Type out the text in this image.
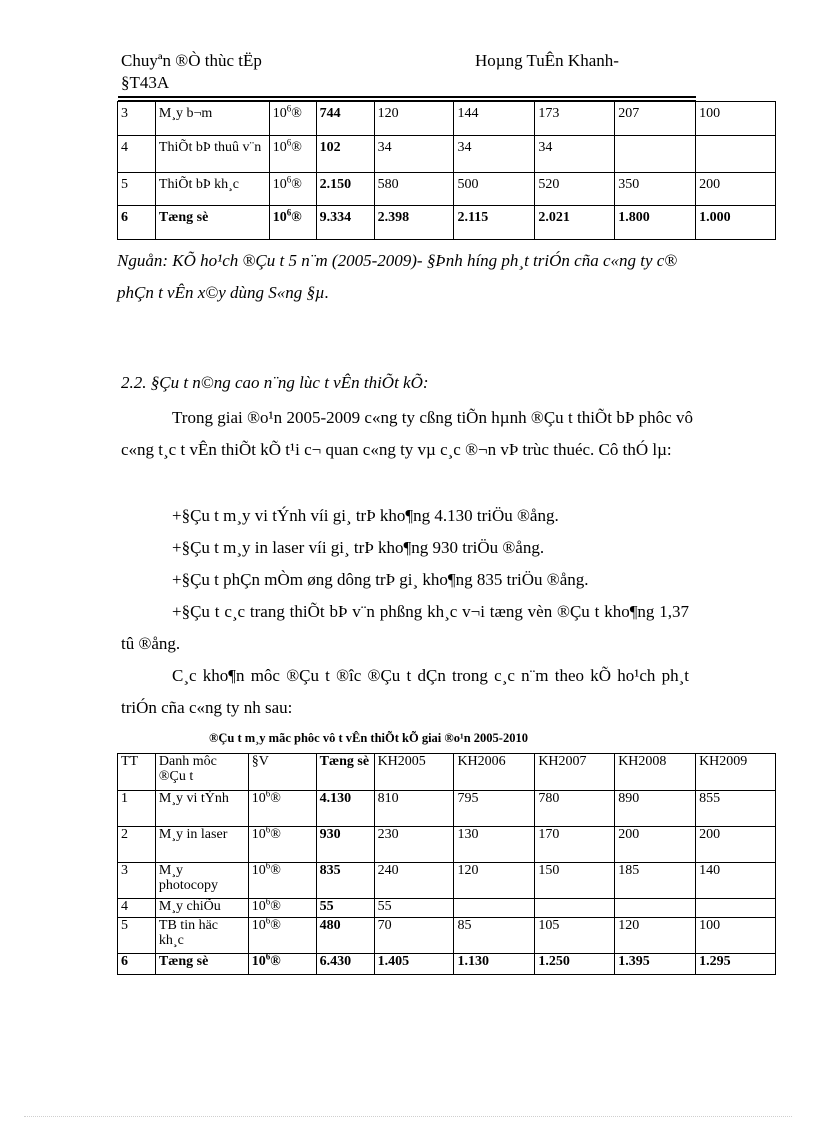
Chuyªn ®Ò thùc tËp
§T43A
Hoµng TuÊn Khanh-
3	M¸y b¬m	$10^6®$	744	120	144	173	207	100
4	ThiÕt bÞ thuû v¨n	$10^6®$	102	34	34	34		
5	ThiÕt bÞ kh¸c	$10^6®$	2.150	580	500	520	350	200
6	Tæng sè	$10^6®$	9.334	2.398	2.115	2.021	1.800	1.000
Nguån: KÕ ho¹ch ®Çu t 5 n¨m (2005-2009)- §Þnh híng ph¸t triÓn cña c«ng ty c® phÇn t vÊn x©y dùng S«ng §µ.
2.2. §Çu t n©ng cao n¨ng lùc t vÊn thiÕt kÕ:
Trong giai ®o¹n 2005-2009 c«ng ty cßng tiÕn hµnh ®Çu t thiÕt bÞ phôc vô c«ng t¸c t vÊn thiÕt kÕ t¹i c¬ quan c«ng ty vµ c¸c ®¬n vÞ trùc thuéc. Cô thÓ lµ:
+§Çu t m¸y vi tÝnh víi gi¸ trÞ kho¶ng 4.130 triÖu ®ång.
+§Çu t m¸y in laser víi gi¸ trÞ kho¶ng 930 triÖu ®ång.
+§Çu t phÇn mÒm øng dông trÞ gi¸ kho¶ng 835 triÖu ®ång.
+§Çu t c¸c trang thiÕt bÞ v¨n phßng kh¸c v¬i tæng vèn ®Çu t kho¶ng 1,37 tû ®ång.
C¸c kho¶n môc ®Çu t ®îc ®Çu t dÇn trong c¸c n¨m theo kÕ ho¹ch ph¸t triÓn cña c«ng ty nh sau:
®Çu t m¸y mãc phôc vô t vÊn thiÕt kÕ giai ®o¹n 2005-2010
TT	Danh môc ®Çu t	§V	Tæng sè	KH2005	KH2006	KH2007	KH2008	KH2009
1	M¸y vi tÝnh	$10^6®$	4.130	810	795	780	890	855
2	M¸y in laser	$10^6®$	930	230	130	170	200	200
3	M¸y photocopy	$10^6®$	835	240	120	150	185	140
4	M¸y chiÕu	$10^6®$	55	55				
5	TB tin häc kh¸c	$10^6®$	480	70	85	105	120	100
6	Tæng sè	$10^6®$	6.430	1.405	1.130	1.250	1.395	1.295
